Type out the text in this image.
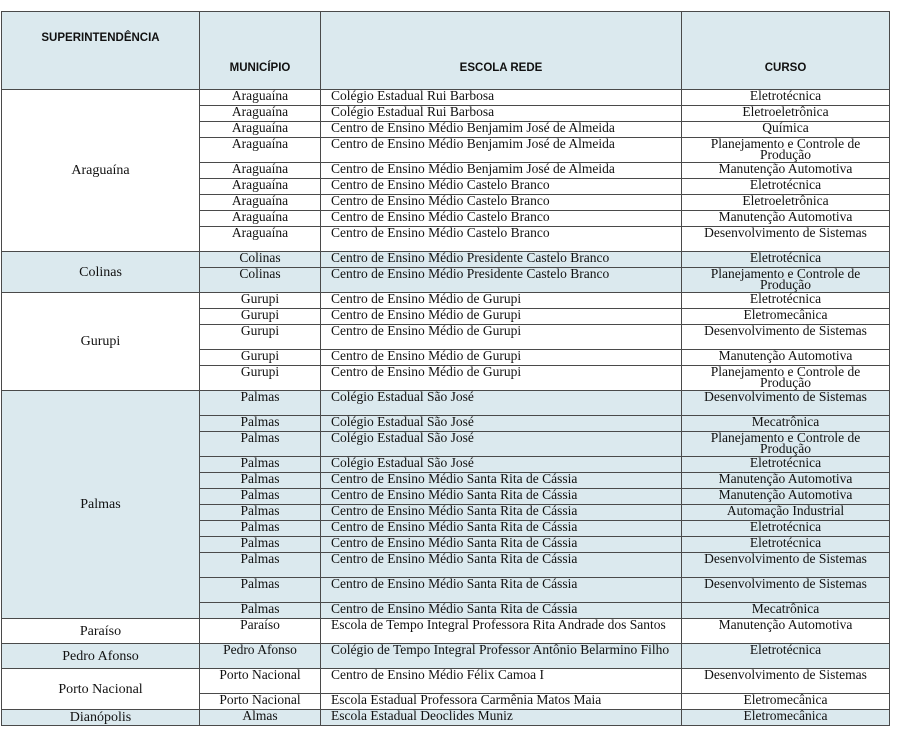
SUPERINTENDÊNCIA	MUNICÍPIO	ESCOLA REDE	CURSO
Araguaína	Araguaína	Colégio Estadual Rui Barbosa	Eletrotécnica
	Araguaína	Colégio Estadual Rui Barbosa	Eletroeletrônica
	Araguaína	Centro de Ensino Médio Benjamim José de Almeida	Química
	Araguaína	Centro de Ensino Médio Benjamim José de Almeida	Planejamento e Controle de Produção
	Araguaína	Centro de Ensino Médio Benjamim José de Almeida	Manutenção Automotiva
	Araguaína	Centro de Ensino Médio Castelo Branco	Eletrotécnica
	Araguaína	Centro de Ensino Médio Castelo Branco	Eletroeletrônica
	Araguaína	Centro de Ensino Médio Castelo Branco	Manutenção Automotiva
	Araguaína	Centro de Ensino Médio Castelo Branco	Desenvolvimento de Sistemas
Colinas	Colinas	Centro de Ensino Médio Presidente Castelo Branco	Eletrotécnica
	Colinas	Centro de Ensino Médio Presidente Castelo Branco	Planejamento e Controle de Produção
Gurupi	Gurupi	Centro de Ensino Médio de Gurupi	Eletrotécnica
	Gurupi	Centro de Ensino Médio de Gurupi	Eletromecânica
	Gurupi	Centro de Ensino Médio de Gurupi	Desenvolvimento de Sistemas
	Gurupi	Centro de Ensino Médio de Gurupi	Manutenção Automotiva
	Gurupi	Centro de Ensino Médio de Gurupi	Planejamento e Controle de Produção
Palmas	Palmas	Colégio Estadual São José	Desenvolvimento de Sistemas
	Palmas	Colégio Estadual São José	Mecatrônica
	Palmas	Colégio Estadual São José	Planejamento e Controle de Produção
	Palmas	Colégio Estadual São José	Eletrotécnica
	Palmas	Centro de Ensino Médio Santa Rita de Cássia	Manutenção Automotiva
	Palmas	Centro de Ensino Médio Santa Rita de Cássia	Manutenção Automotiva
	Palmas	Centro de Ensino Médio Santa Rita de Cássia	Automação Industrial
	Palmas	Centro de Ensino Médio Santa Rita de Cássia	Eletrotécnica
	Palmas	Centro de Ensino Médio Santa Rita de Cássia	Eletrotécnica
	Palmas	Centro de Ensino Médio Santa Rita de Cássia	Desenvolvimento de Sistemas
	Palmas	Centro de Ensino Médio Santa Rita de Cássia	Desenvolvimento de Sistemas
	Palmas	Centro de Ensino Médio Santa Rita de Cássia	Mecatrônica
Paraíso	Paraíso	Escola de Tempo Integral Professora Rita Andrade dos Santos	Manutenção Automotiva
Pedro Afonso	Pedro Afonso	Colégio de Tempo Integral Professor Antônio Belarmino Filho	Eletrotécnica
Porto Nacional	Porto Nacional	Centro de Ensino Médio Félix Camoa I	Desenvolvimento de Sistemas
	Porto Nacional	Escola Estadual Professora Carmênia Matos Maia	Eletromecânica
Dianópolis	Almas	Escola Estadual Deoclides Muniz	Eletromecânica
